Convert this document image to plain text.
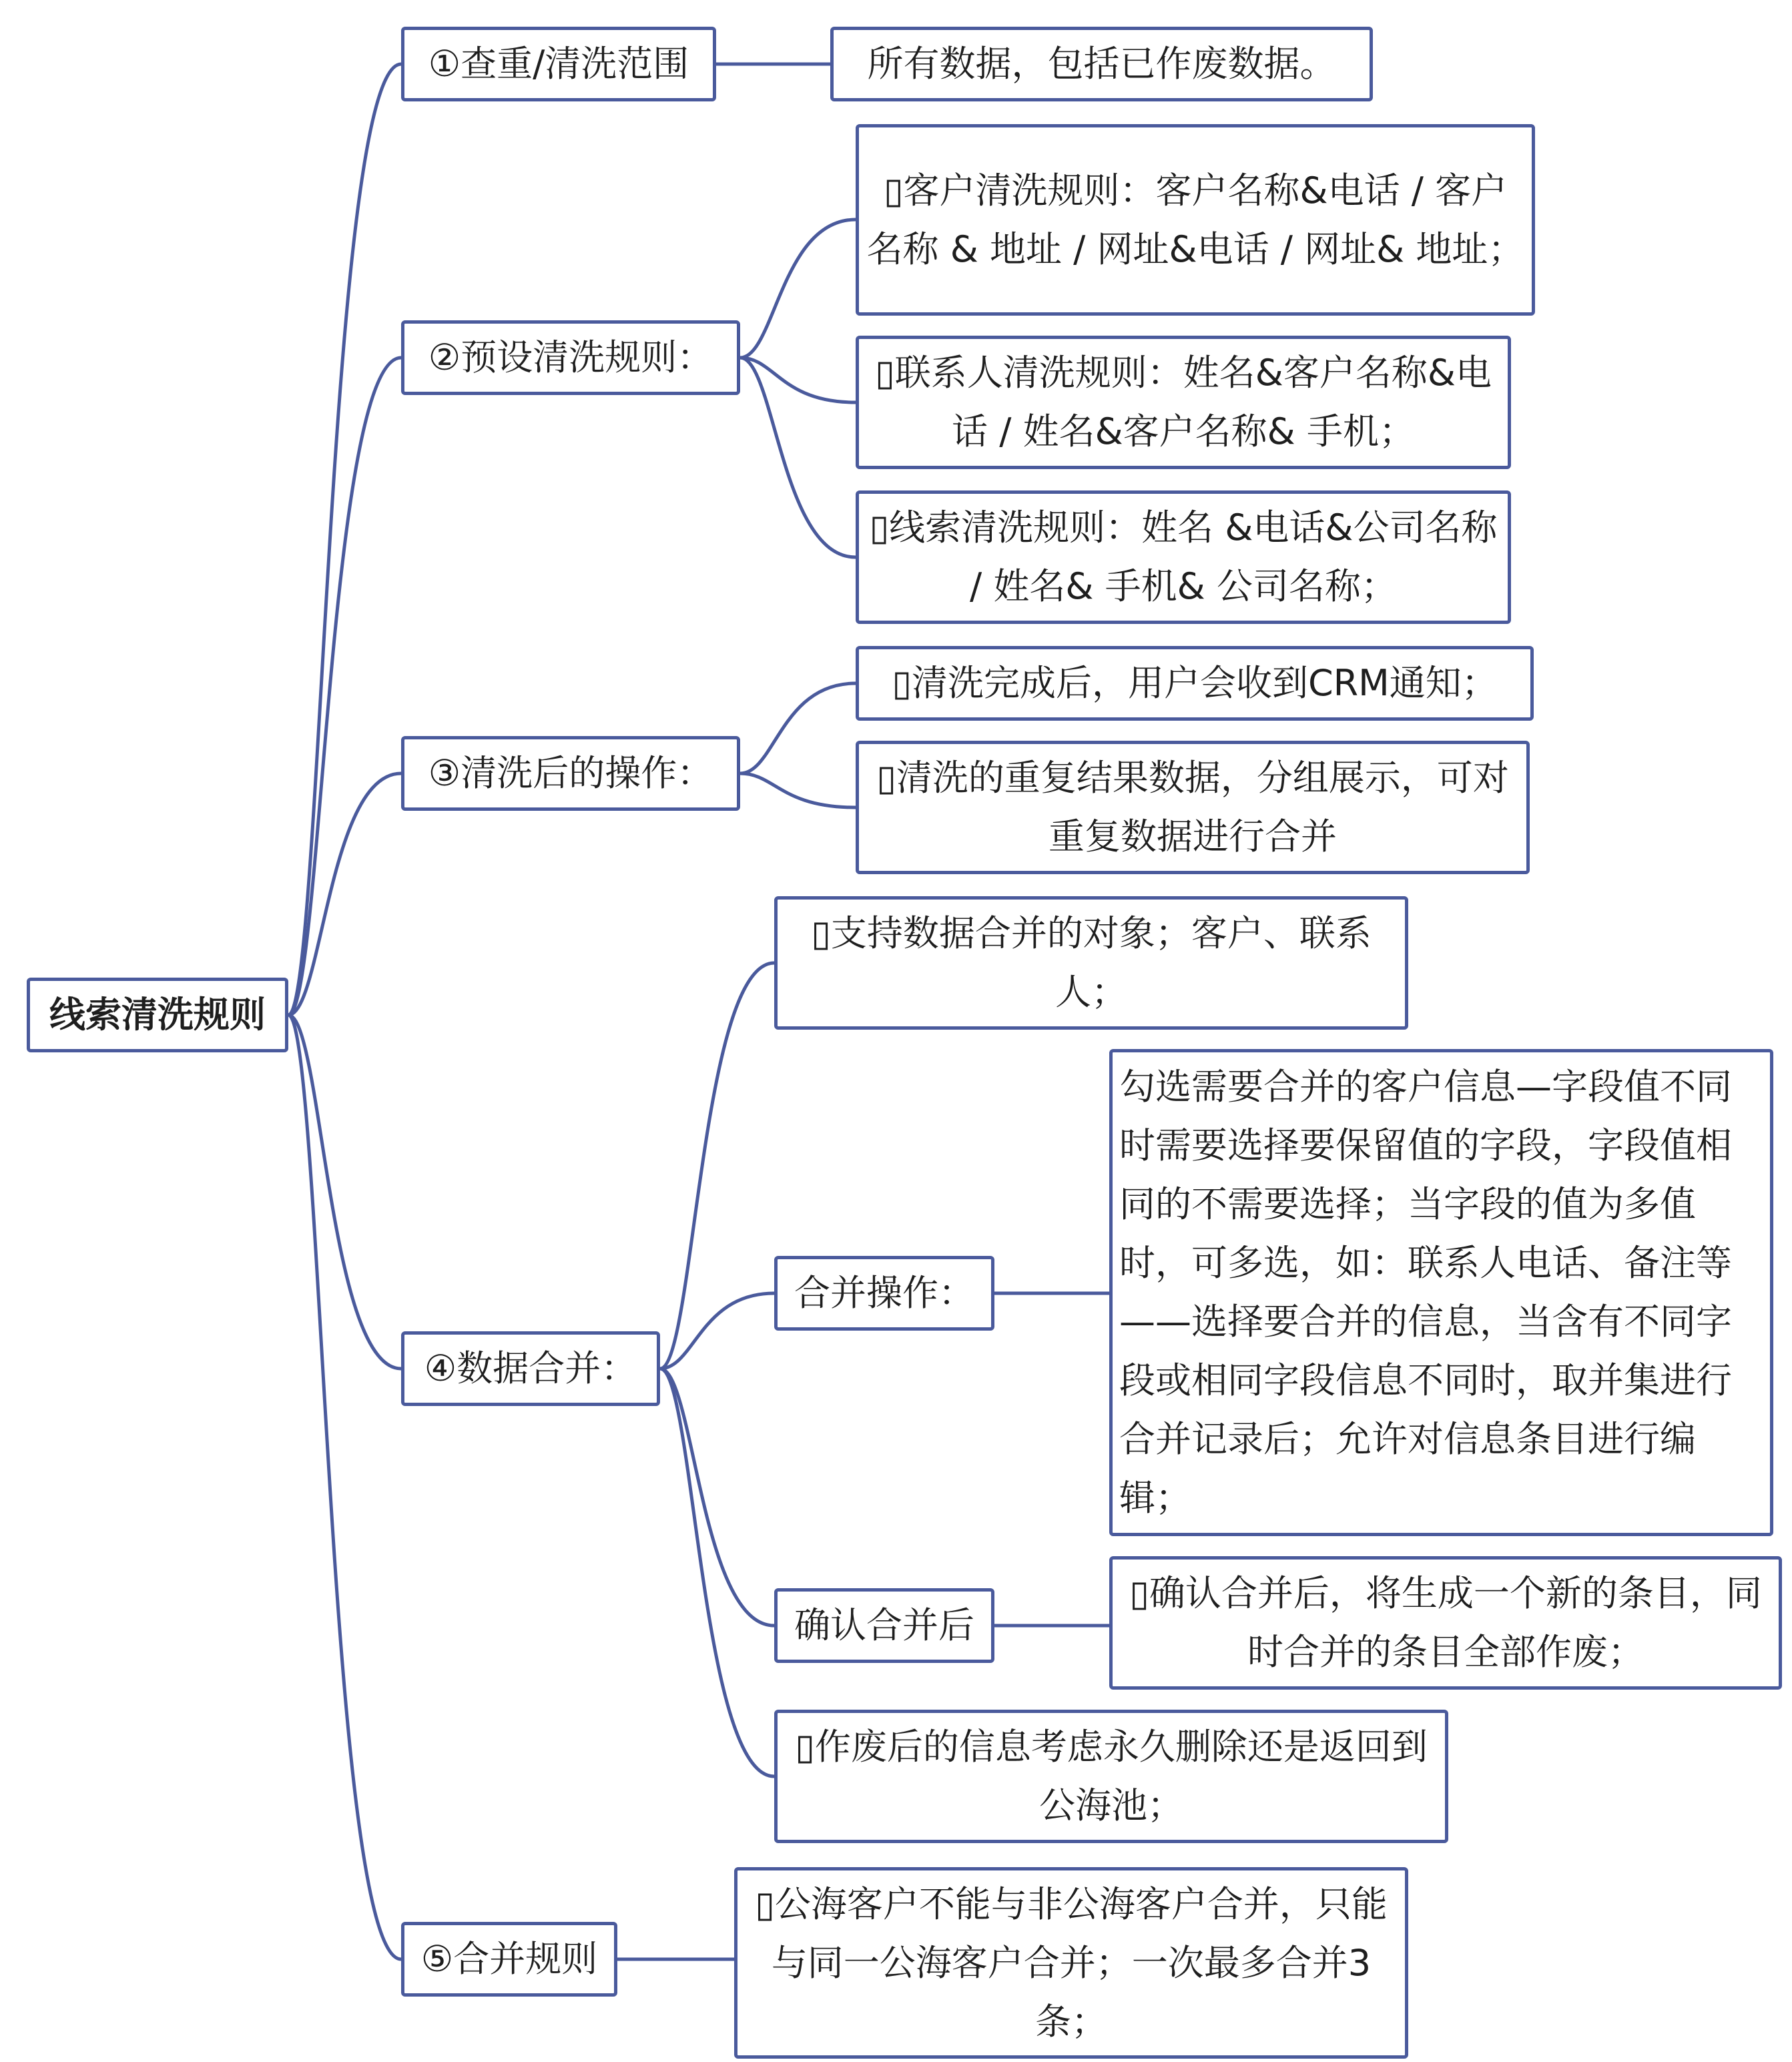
线索清洗规则
①查重/清洗范围
②预设清洗规则：
③清洗后的操作：
④数据合并：
⑤合并规则
所有数据，包括已作废数据。
▯客户清洗规则：客户名称&电话 / 客户名称 & 地址 / 网址&电话 / 网址& 地址；
▯联系人清洗规则：姓名&客户名称&电话 / 姓名&客户名称& 手机；
▯线索清洗规则：姓名 &电话&公司名称 / 姓名& 手机& 公司名称；
▯清洗完成后，用户会收到CRM通知；
▯清洗的重复结果数据，分组展示，可对重复数据进行合并
▯支持数据合并的对象；客户、联系人；
合并操作：
确认合并后
▯作废后的信息考虑永久删除还是返回到公海池；
勾选需要合并的客户信息—字段值不同时需要选择要保留值的字段，字段值相同的不需要选择；当字段的值为多值时，可多选，如：联系人电话、备注等——选择要合并的信息，当含有不同字段或相同字段信息不同时，取并集进行合并记录后；允许对信息条目进行编辑；
▯确认合并后，将生成一个新的条目，同时合并的条目全部作废；
▯公海客户不能与非公海客户合并，只能与同一公海客户合并；一次最多合并3条；
